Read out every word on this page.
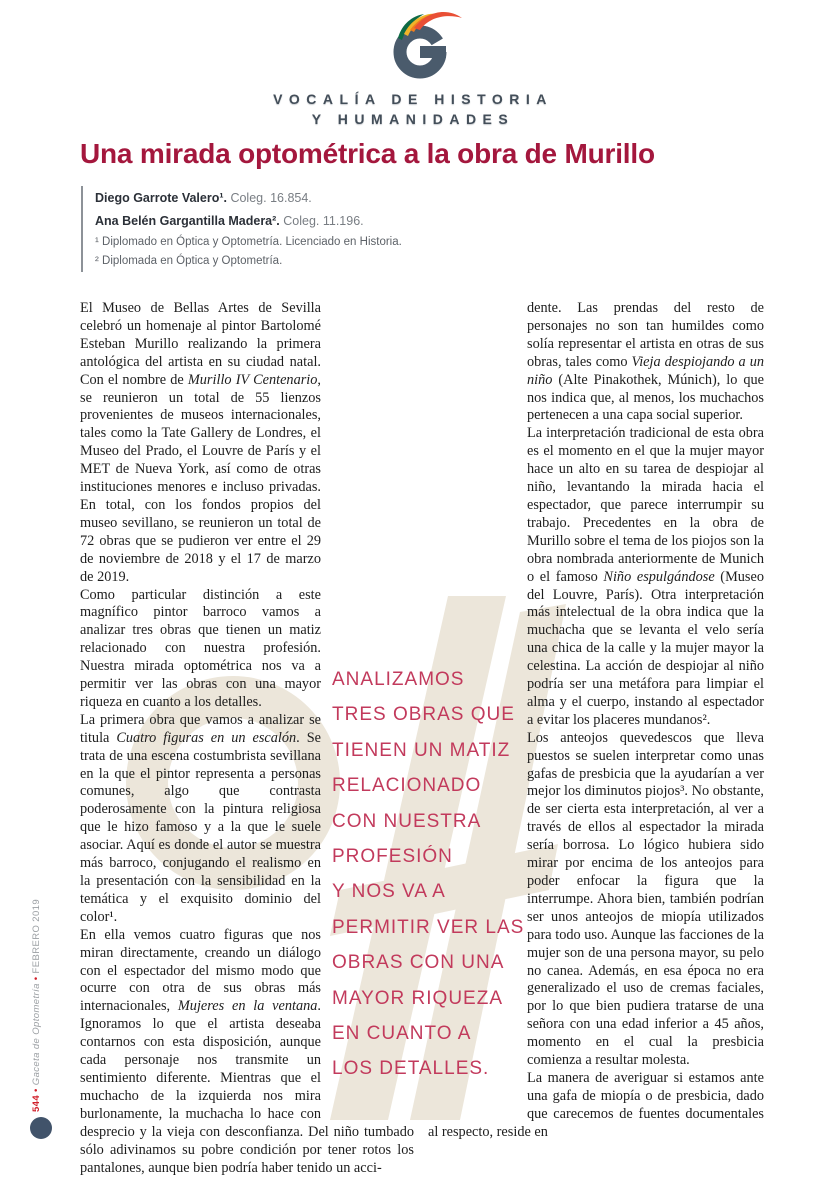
VOCALÍA DE HISTORIA
Y HUMANIDADES
Una mirada optométrica a la obra de Murillo
Diego Garrote Valero¹. Coleg. 16.854.
Ana Belén Gargantilla Madera². Coleg. 11.196.
¹ Diplomado en Óptica y Optometría. Licenciado en Historia.
² Diplomada en Óptica y Optometría.

El Museo de Bellas Artes de Sevilla celebró un homenaje al pintor Bartolomé Esteban Murillo realizando la primera antológica del artista en su ciudad natal. Con el nombre de Murillo IV Centenario, se reunieron un total de 55 lienzos provenientes de museos internacionales, tales como la Tate Gallery de Londres, el Museo del Prado, el Louvre de París y el MET de Nueva York, así como de otras instituciones menores e incluso privadas. En total, con los fondos propios del museo sevillano, se reunieron un total de 72 obras que se pudieron ver entre el 29 de noviembre de 2018 y el 17 de marzo de 2019.

Como particular distinción a este magnífico pintor barroco vamos a analizar tres obras que tienen un matiz relacionado con nuestra profesión. Nuestra mirada optométrica nos va a permitir ver las obras con una mayor riqueza en cuanto a los detalles.

La primera obra que vamos a analizar se titula Cuatro figuras en un escalón. Se trata de una escena costumbrista sevillana en la que el pintor representa a personas comunes, algo que contrasta poderosamente con la pintura religiosa que le hizo famoso y a la que le suele asociar. Aquí es donde el autor se muestra más barroco, conjugando el realismo en la presentación con la sensibilidad en la temática y el exquisito dominio del color¹.

En ella vemos cuatro figuras que nos miran directamente, creando un diálogo con el espectador del mismo modo que ocurre con otra de sus obras más internacionales, Mujeres en la ventana. Ignoramos lo que el artista deseaba contarnos con esta disposición, aunque cada personaje nos transmite un sentimiento diferente. Mientras que el muchacho de la izquierda nos mira burlonamente, la muchacha lo hace con desprecio y la vieja con desconfianza. Del niño tumbado sólo adivinamos su pobre condición por tener rotos los pantalones, aunque bien podría haber tenido un acci-

dente. Las prendas del resto de personajes no son tan humildes como solía representar el artista en otras de sus obras, tales como Vieja despiojando a un niño (Alte Pinakothek, Múnich), lo que nos indica que, al menos, los muchachos pertenecen a una capa social superior.

La interpretación tradicional de esta obra es el momento en el que la mujer mayor hace un alto en su tarea de despiojar al niño, levantando la mirada hacia el espectador, que parece interrumpir su trabajo. Precedentes en la obra de Murillo sobre el tema de los piojos son la obra nombrada anteriormente de Munich o el famoso Niño espulgándose (Museo del Louvre, París). Otra interpretación más intelectual de la obra indica que la muchacha que se levanta el velo sería una chica de la calle y la mujer mayor la celestina. La acción de despiojar al niño podría ser una metáfora para limpiar el alma y el cuerpo, instando al espectador a evitar los placeres mundanos².

Los anteojos quevedescos que lleva puestos se suelen interpretar como unas gafas de presbicia que la ayudarían a ver mejor los diminutos piojos³. No obstante, de ser cierta esta interpretación, al ver a través de ellos al espectador la mirada sería borrosa. Lo lógico hubiera sido mirar por encima de los anteojos para poder enfocar la figura que la interrumpe. Ahora bien, también podrían ser unos anteojos de miopía utilizados para todo uso. Aunque las facciones de la mujer son de una persona mayor, su pelo no canea. Además, en esa época no era generalizado el uso de cremas faciales, por lo que bien pudiera tratarse de una señora con una edad inferior a 45 años, momento en el cual la presbicia comienza a resultar molesta.

La manera de averiguar si estamos ante una gafa de miopía o de presbicia, dado que carecemos de fuentes documentales al respecto, reside en

ANALIZAMOS
TRES OBRAS QUE
TIENEN UN MATIZ
RELACIONADO
CON NUESTRA
PROFESIÓN
Y NOS VA A
PERMITIR VER LAS
OBRAS CON UNA
MAYOR RIQUEZA
EN CUANTO A
LOS DETALLES.
544•Gaceta de Optometría•FEBRERO 2019
